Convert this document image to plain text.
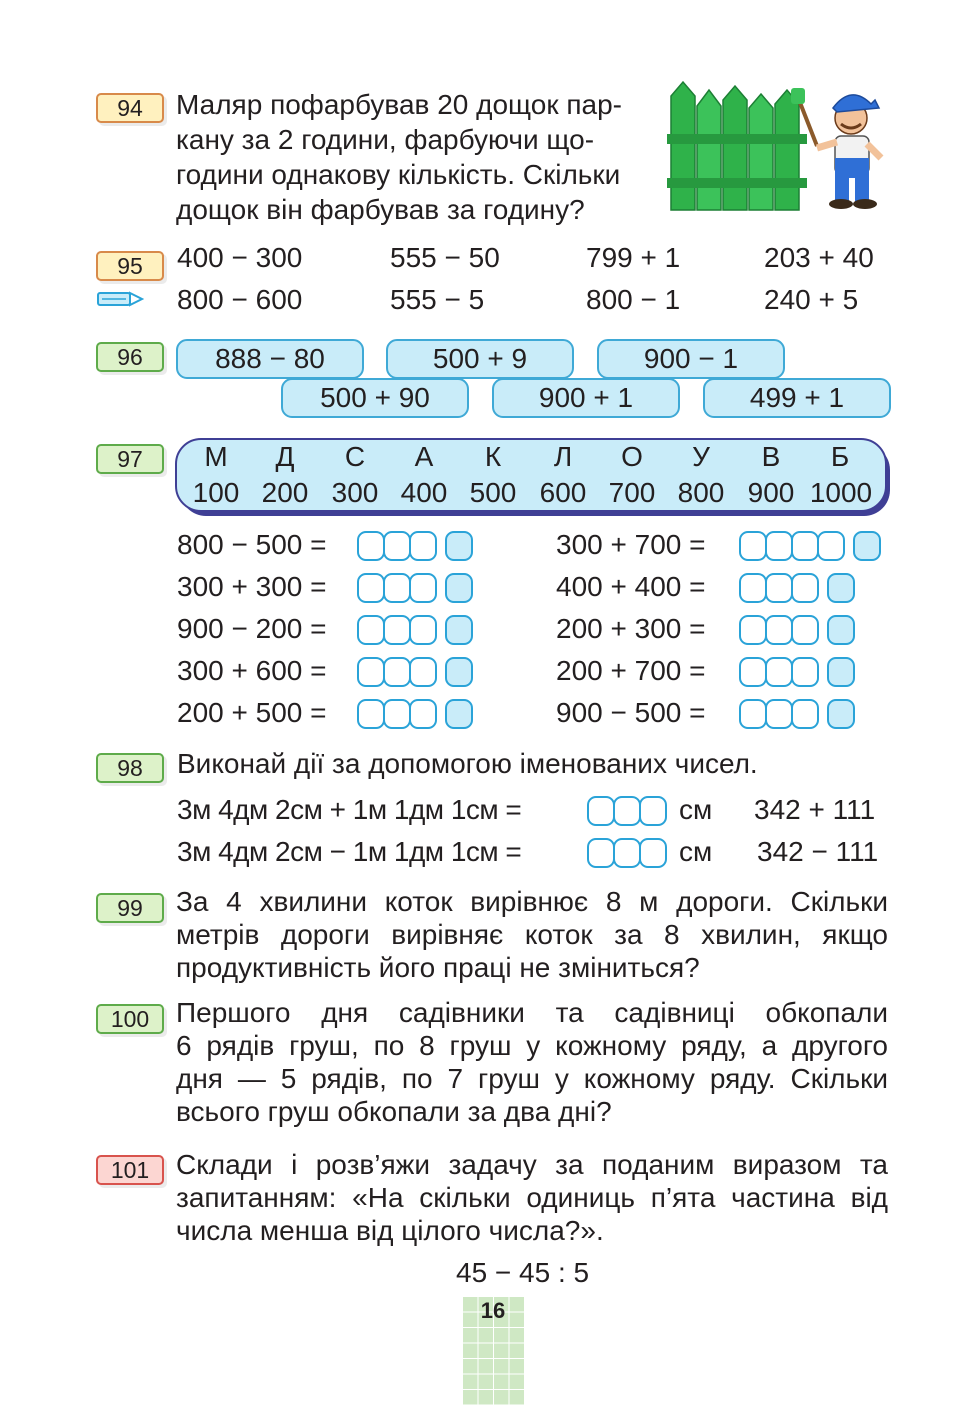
94	Маляр пофарбував 20 дощок пар-
кану за 2 години, фарбуючи що-
години однакову кількість. Скільки
дощок він фарбував за годину?
95	400 − 300	555 − 50	799 + 1	203 + 40
800 − 600	555 − 5	800 − 1	240 + 5
96	888 − 80	500 + 9	900 − 1
500 + 90	900 + 1	499 + 1
97	М	Д	С	А	К	Л	О	У	В	Б
100 200 300 400 500 600 700 800 900 1000
800 − 500 =
300 + 300 =
900 − 200 =
300 + 600 =
200 + 500 =
300 + 700 =
400 + 400 =
200 + 300 =
200 + 700 =
900 − 500 =
98	Виконай дії за допомогою іменованих чисел.
3м 4дм 2см + 1м 1дм 1см =	см 342 + 111
3м 4дм 2см − 1м 1дм 1см =	см 342 − 111
99	За 4 хвилини коток вирівнює 8 м дороги. Скільки
метрів дороги вирівняє коток за 8 хвилин, якщо
продуктивність його праці не зміниться?
100 Першого дня садівники та садівниці обкопали
6 рядів груш, по 8 груш у кожному ряду, а другого
дня — 5 рядів, по 7 груш у кожному ряду. Скільки
всього груш обкопали за два дні?
101 Склади і розв’яжи задачу за поданим виразом та
запитанням: «На скільки одиниць п’ята частина від
числа менша від цілого числа?».
45 − 45 : 5
16
